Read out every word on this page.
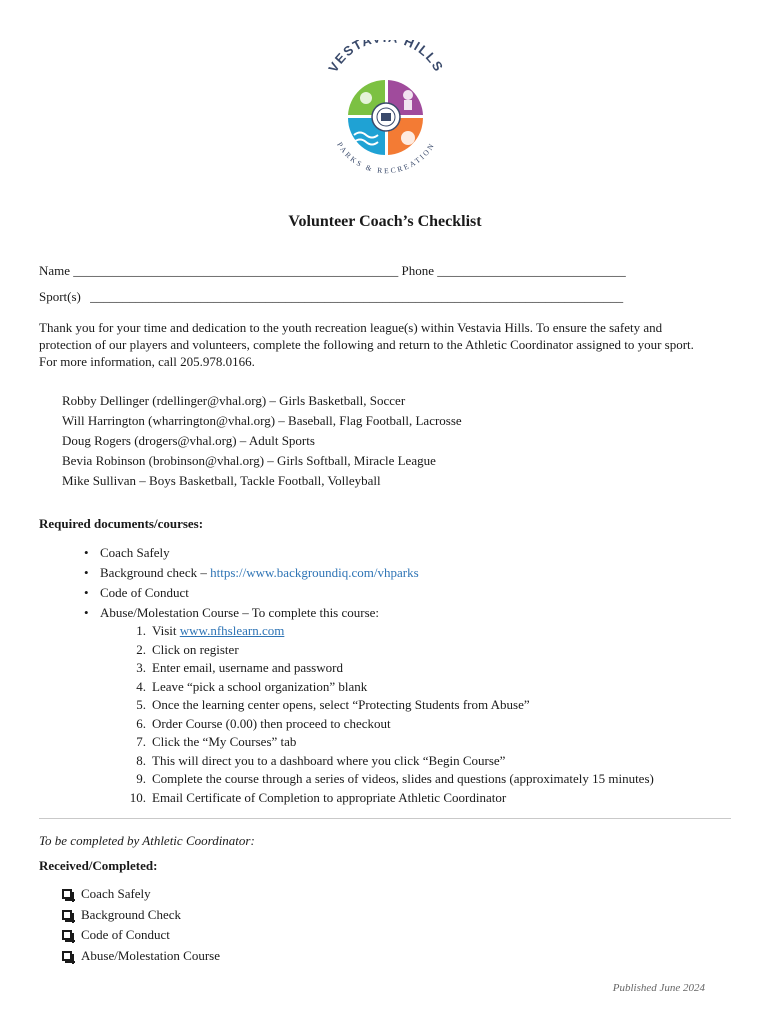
VESTA HILLS
PARKS & RECREATION
Volunteer Coach’s Checklist
Name __________________________________________________ Phone _____________________________
Sport(s) __________________________________________________________________________________
Thank you for your time and dedication to the youth recreation league(s) within Vestavia Hills. To ensure the safety and protection of our players and volunteers, complete the following and return to the Athletic Coordinator assigned to your sport. For more information, call 205.978.0166.
Robby Dellinger (rdellinger@vhal.org) – Girls Basketball, Soccer
Will Harrington (wharrington@vhal.org) – Baseball, Flag Football, Lacrosse
Doug Rogers (drogers@vhal.org) – Adult Sports
Bevia Robinson (brobinson@vhal.org) – Girls Softball, Miracle League
Mike Sullivan – Boys Basketball, Tackle Football, Volleyball
Required documents/courses:
• Coach Safely
• Background check – https://www.backgroundiq.com/vhparks
• Code of Conduct
• Abuse/Molestation Course – To complete this course:
1. Visit www.nfhslearn.com
2. Click on register
3. Enter email, username and password
4. Leave “pick a school organization” blank
5. Once the learning center opens, select “Protecting Students from Abuse”
6. Order Course (0.00) then proceed to checkout
7. Click the “My Courses” tab
8. This will direct you to a dashboard where you click “Begin Course”
9. Complete the course through a series of videos, slides and questions (approximately 15 minutes)
10. Email Certificate of Completion to appropriate Athletic Coordinator
To be completed by Athletic Coordinator:
Received/Completed:
Coach Safely
Background Check
Code of Conduct
Abuse/Molestation Course
Published June 2024
